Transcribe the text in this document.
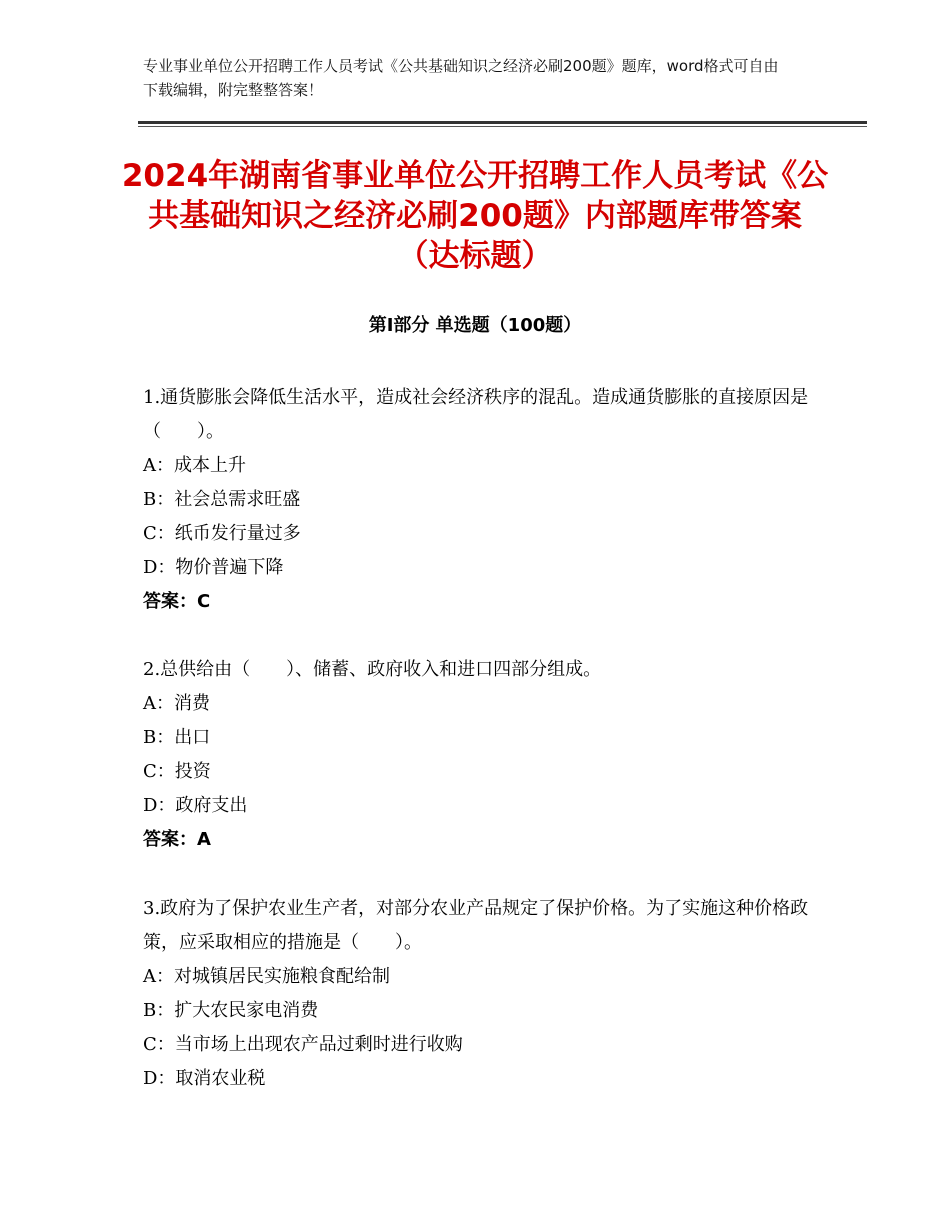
专业事业单位公开招聘工作人员考试《公共基础知识之经济必刷200题》题库，word格式可自由下载编辑，附完整整答案！
2024年湖南省事业单位公开招聘工作人员考试《公共基础知识之经济必刷200题》内部题库带答案（达标题）
第Ⅰ部分 单选题（100题）

1.通货膨胀会降低生活水平，造成社会经济秩序的混乱。造成通货膨胀的直接原因是（　　）。

A：成本上升

B：社会总需求旺盛

C：纸币发行量过多

D：物价普遍下降

答案：C

2.总供给由（　　）、储蓄、政府收入和进口四部分组成。

A：消费

B：出口

C：投资

D：政府支出

答案：A

3.政府为了保护农业生产者，对部分农业产品规定了保护价格。为了实施这种价格政策，应采取相应的措施是（　　）。

A：对城镇居民实施粮食配给制

B：扩大农民家电消费

C：当市场上出现农产品过剩时进行收购

D：取消农业税
